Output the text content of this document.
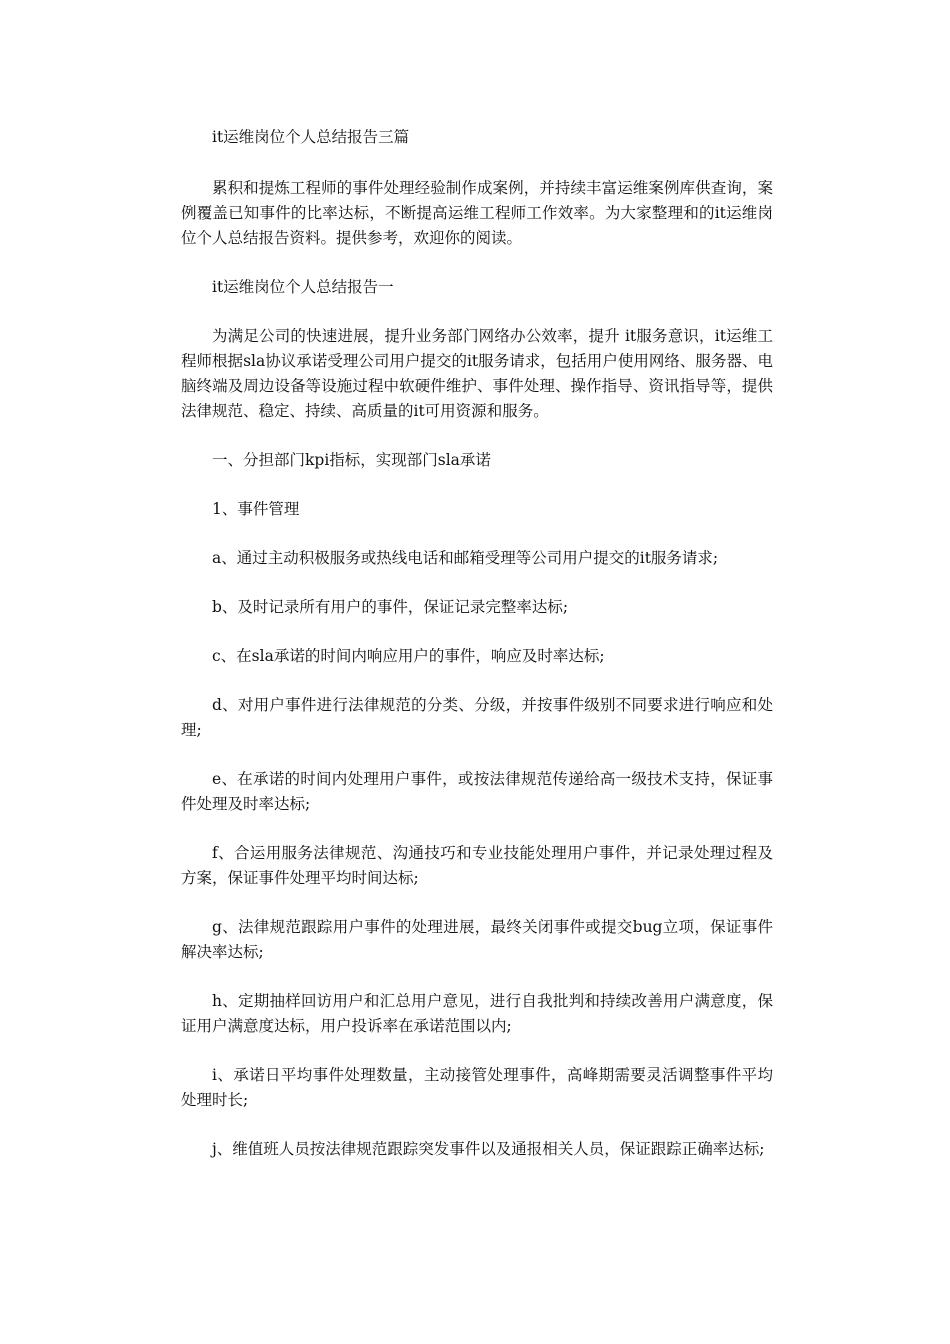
it运维岗位个人总结报告三篇

累积和提炼工程师的事件处理经验制作成案例，并持续丰富运维案例库供查询，案例覆盖已知事件的比率达标，不断提高运维工程师工作效率。为大家整理和的it运维岗位个人总结报告资料。提供参考，欢迎你的阅读。

it运维岗位个人总结报告一

为满足公司的快速进展，提升业务部门网络办公效率，提升 it服务意识，it运维工程师根据sla协议承诺受理公司用户提交的it服务请求，包括用户使用网络、服务器、电脑终端及周边设备等设施过程中软硬件维护、事件处理、操作指导、资讯指导等，提供法律规范、稳定、持续、高质量的it可用资源和服务。

一、分担部门kpi指标，实现部门sla承诺

1、事件管理

a、通过主动积极服务或热线电话和邮箱受理等公司用户提交的it服务请求;

b、及时记录所有用户的事件，保证记录完整率达标;

c、在sla承诺的时间内响应用户的事件，响应及时率达标;

d、对用户事件进行法律规范的分类、分级，并按事件级别不同要求进行响应和处理;

e、在承诺的时间内处理用户事件，或按法律规范传递给高一级技术支持，保证事件处理及时率达标;

f、合运用服务法律规范、沟通技巧和专业技能处理用户事件，并记录处理过程及方案，保证事件处理平均时间达标;

g、法律规范跟踪用户事件的处理进展，最终关闭事件或提交bug立项，保证事件解决率达标;

h、定期抽样回访用户和汇总用户意见，进行自我批判和持续改善用户满意度，保证用户满意度达标，用户投诉率在承诺范围以内;

i、承诺日平均事件处理数量，主动接管处理事件，高峰期需要灵活调整事件平均处理时长;

j、维值班人员按法律规范跟踪突发事件以及通报相关人员，保证跟踪正确率达标;
